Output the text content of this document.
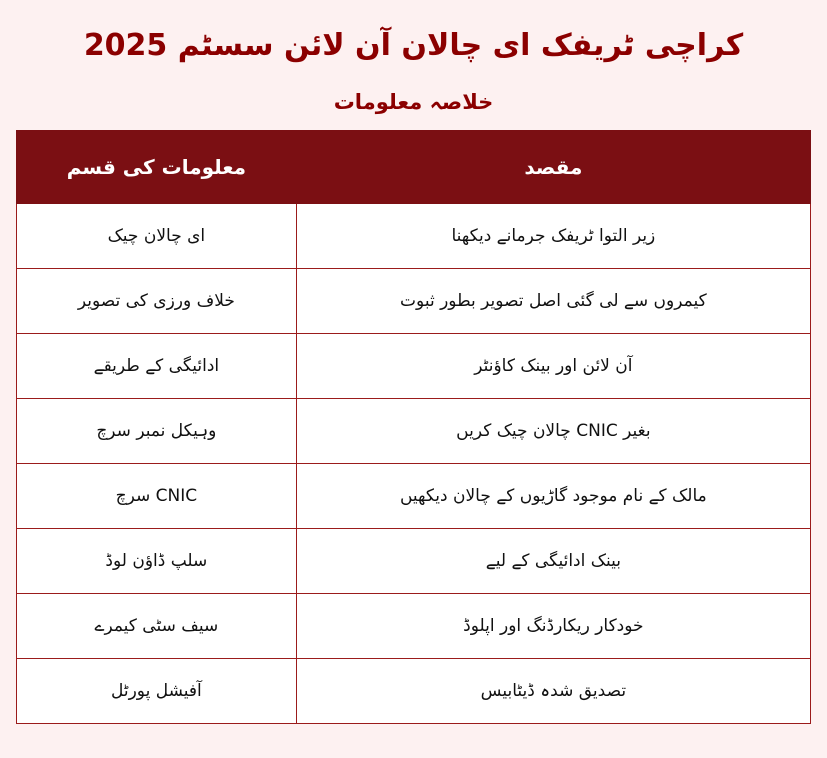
کراچی ٹریفک ای چالان آن لائن سسٹم 2025
خلاصہ معلومات
مقصد	معلومات کی قسم
زیر التوا ٹریفک جرمانے دیکھنا	ای چالان چیک
کیمروں سے لی گئی اصل تصویر بطور ثبوت	خلاف ورزی کی تصویر
آن لائن اور بینک کاؤنٹر	ادائیگی کے طریقے
بغیر CNIC چالان چیک کریں	وہیکل نمبر سرچ
مالک کے نام موجود گاڑیوں کے چالان دیکھیں	CNIC سرچ
بینک ادائیگی کے لیے	سلپ ڈاؤن لوڈ
خودکار ریکارڈنگ اور اپلوڈ	سیف سٹی کیمرے
تصدیق شدہ ڈیٹابیس	آفیشل پورٹل
